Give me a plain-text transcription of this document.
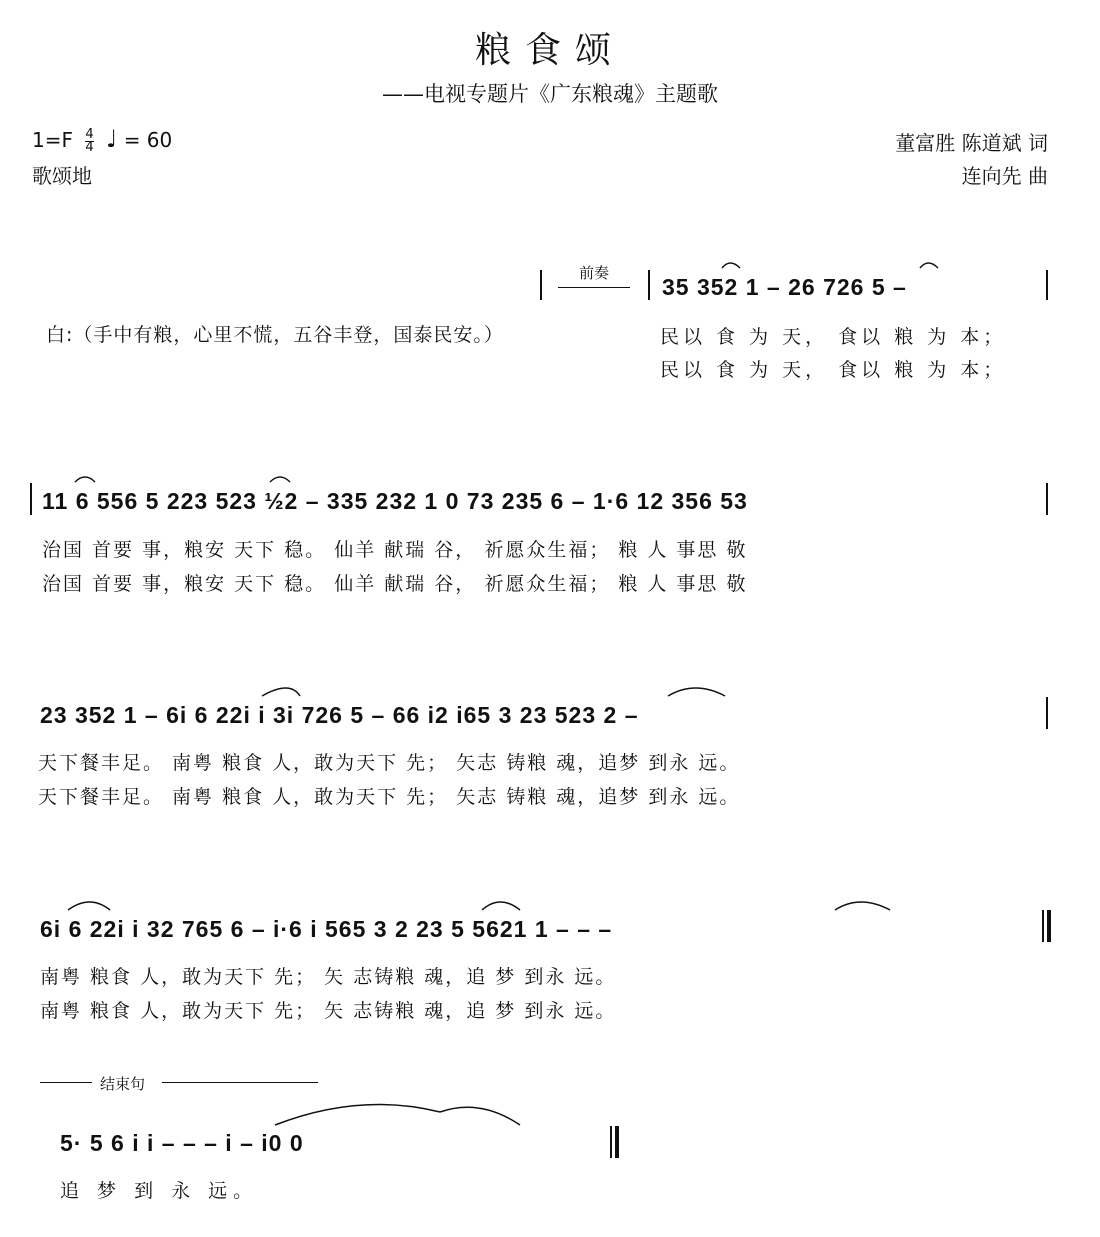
粮食颂
——电视专题片《广东粮魂》主题歌
$1=F \frac{4}{4}$ ♩ = 60
歌颂地
董富胜 陈道斌 词
连向先 曲
前奏
白:（手中有粮，心里不慌，五谷丰登，国泰民安。）
35 352 1 – 26 726 5 –
民以 食 为 天， 食以 粮 为 本；
民以 食 为 天， 食以 粮 为 本；
11 6 556 5 223 523 ½2 – 335 232 1 0 73 235 6 – 1·6 12 356 53
治国 首要 事，粮安 天下 稳。 仙羊 献瑞 谷， 祈愿众生福； 粮 人 事思 敬
治国 首要 事，粮安 天下 稳。 仙羊 献瑞 谷， 祈愿众生福； 粮 人 事思 敬
23 352 1 – 6i 6 22i i 3i 726 5 – 66 i2 i65 3 23 523 2 –
天下餐丰足。 南粤 粮食 人，敢为天下 先； 矢志 铸粮 魂，追梦 到永 远。
天下餐丰足。 南粤 粮食 人，敢为天下 先； 矢志 铸粮 魂，追梦 到永 远。
6i 6 22i i 32 765 6 – i·6 i 565 3 2 23 5 5621 1 – – –
南粤 粮食 人，敢为天下 先； 矢 志铸粮 魂，追 梦 到永 远。
南粤 粮食 人，敢为天下 先； 矢 志铸粮 魂，追 梦 到永 远。
结束句
5· 5 6 i i – – – i – i0 0
追 梦 到 永 远。
